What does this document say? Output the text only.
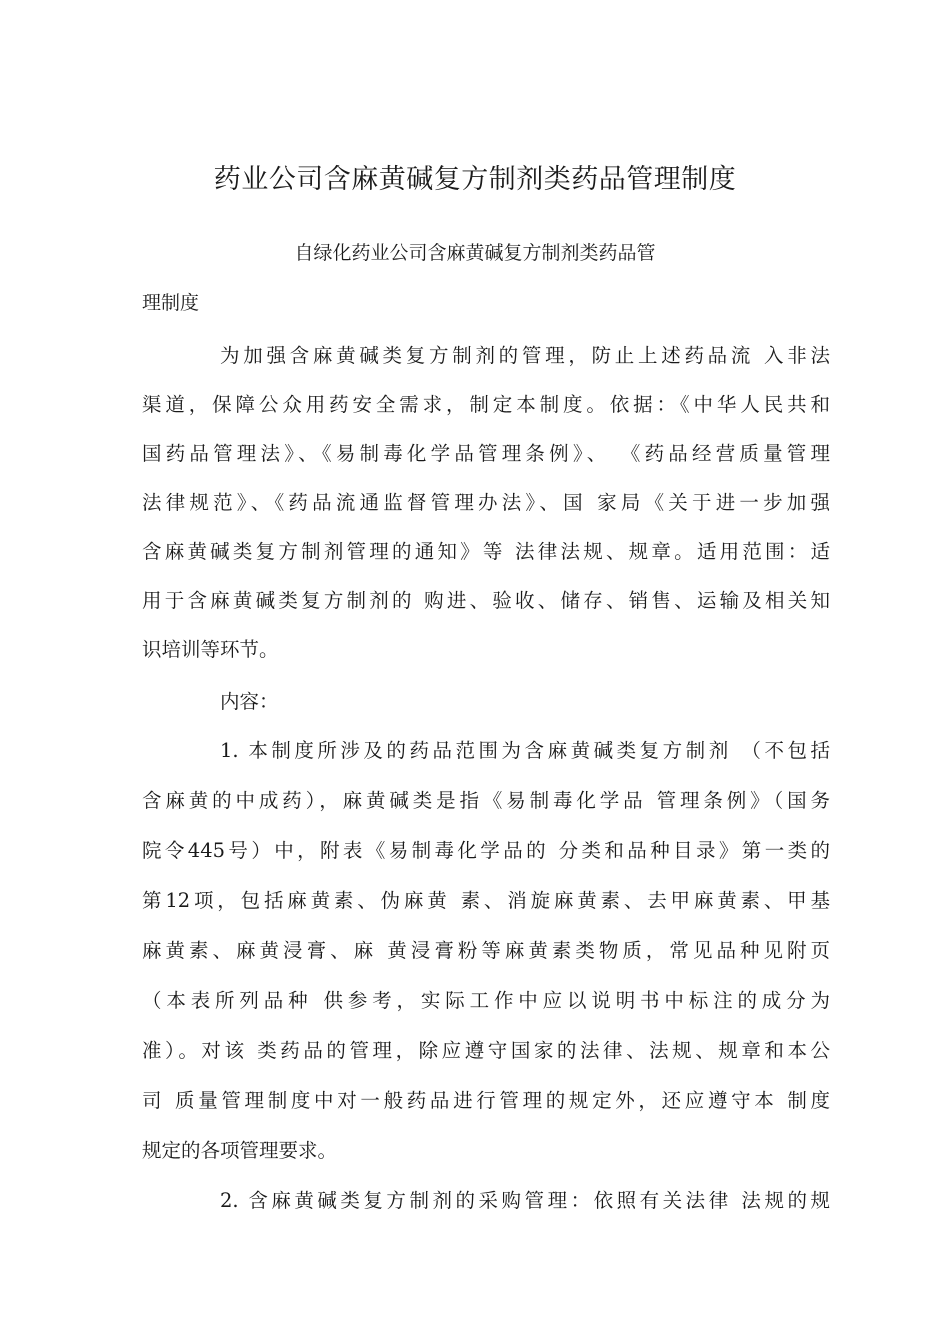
药业公司含麻黄碱复方制剂类药品管理制度
自绿化药业公司含麻黄碱复方制剂类药品管
理制度
为加强含麻黄碱类复方制剂的管理，防止上述药品流 入非法
渠道，保障公众用药安全需求，制定本制度。依据：《中华人民共和
国药品管理法》、《易制毒化学品管理条例》、 《药品经营质量管理
法律规范》、《药品流通监督管理办法》、国 家局《关于进一步加强
含麻黄碱类复方制剂管理的通知》等 法律法规、规章。适用范围：适
用于含麻黄碱类复方制剂的 购进、验收、储存、销售、运输及相关知
识培训等环节。
内容：
1. 本制度所涉及的药品范围为含麻黄碱类复方制剂 （不包括
含麻黄的中成药），麻黄碱类是指《易制毒化学品 管理条例》（国务
院令445号）中，附表《易制毒化学品的 分类和品种目录》第一类的
第12项，包括麻黄素、伪麻黄 素、消旋麻黄素、去甲麻黄素、甲基
麻黄素、麻黄浸膏、麻 黄浸膏粉等麻黄素类物质，常见品种见附页
（本表所列品种 供参考，实际工作中应以说明书中标注的成分为
准）。对该 类药品的管理，除应遵守国家的法律、法规、规章和本公
司 质量管理制度中对一般药品进行管理的规定外，还应遵守本 制度
规定的各项管理要求。
2. 含麻黄碱类复方制剂的采购管理：依照有关法律 法规的规
